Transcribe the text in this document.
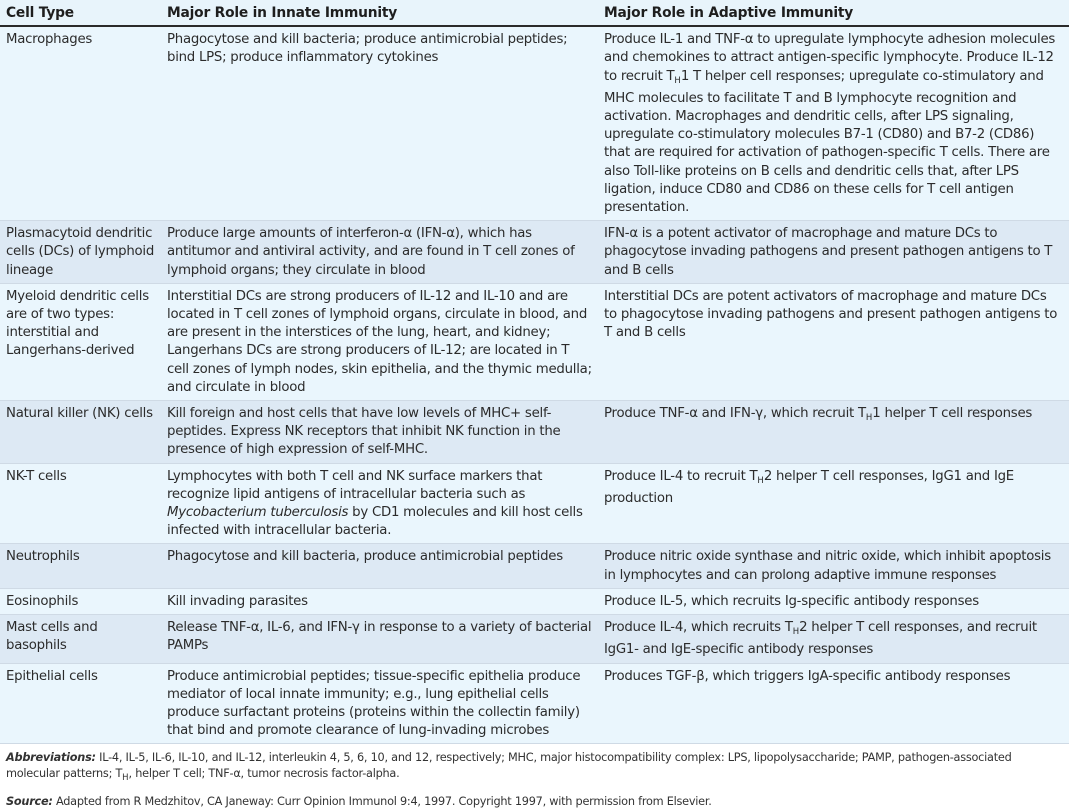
Cell Type	Major Role in Innate Immunity	Major Role in Adaptive Immunity
Macrophages	Phagocytose and kill bacteria; produce antimicrobial peptides; bind LPS; produce inflammatory cytokines	Produce IL-1 and TNF-α to upregulate lymphocyte adhesion molecules and chemokines to attract antigen-specific lymphocyte. Produce IL-12 to recruit $T_H1$ T helper cell responses; upregulate co-stimulatory and MHC molecules to facilitate T and B lymphocyte recognition and activation. Macrophages and dendritic cells, after LPS signaling, upregulate co-stimulatory molecules B7-1 (CD80) and B7-2 (CD86) that are required for activation of pathogen-specific T cells. There are also Toll-like proteins on B cells and dendritic cells that, after LPS ligation, induce CD80 and CD86 on these cells for T cell antigen presentation.
Plasmacytoid dendritic cells (DCs) of lymphoid lineage	Produce large amounts of interferon-α (IFN-α), which has antitumor and antiviral activity, and are found in T cell zones of lymphoid organs; they circulate in blood	IFN-α is a potent activator of macrophage and mature DCs to phagocytose invading pathogens and present pathogen antigens to T and B cells
Myeloid dendritic cells are of two types: interstitial and Langerhans-derived	Interstitial DCs are strong producers of IL-12 and IL-10 and are located in T cell zones of lymphoid organs, circulate in blood, and are present in the interstices of the lung, heart, and kidney; Langerhans DCs are strong producers of IL-12; are located in T cell zones of lymph nodes, skin epithelia, and the thymic medulla; and circulate in blood	Interstitial DCs are potent activators of macrophage and mature DCs to phagocytose invading pathogens and present pathogen antigens to T and B cells
Natural killer (NK) cells	Kill foreign and host cells that have low levels of MHC+ self-peptides. Express NK receptors that inhibit NK function in the presence of high expression of self-MHC.	Produce TNF-α and IFN-γ, which recruit $T_H1$ helper T cell responses
NK-T cells	Lymphocytes with both T cell and NK surface markers that recognize lipid antigens of intracellular bacteria such as Mycobacterium tuberculosis by CD1 molecules and kill host cells infected with intracellular bacteria.	Produce IL-4 to recruit $T_H2$ helper T cell responses, IgG1 and IgE production
Neutrophils	Phagocytose and kill bacteria, produce antimicrobial peptides	Produce nitric oxide synthase and nitric oxide, which inhibit apoptosis in lymphocytes and can prolong adaptive immune responses
Eosinophils	Kill invading parasites	Produce IL-5, which recruits Ig-specific antibody responses
Mast cells and basophils	Release TNF-α, IL-6, and IFN-γ in response to a variety of bacterial PAMPs	Produce IL-4, which recruits $T_H2$ helper T cell responses, and recruit IgG1- and IgE-specific antibody responses
Epithelial cells	Produce antimicrobial peptides; tissue-specific epithelia produce mediator of local innate immunity; e.g., lung epithelial cells produce surfactant proteins (proteins within the collectin family) that bind and promote clearance of lung-invading microbes	Produces TGF-β, which triggers IgA-specific antibody responses

Abbreviations: IL-4, IL-5, IL-6, IL-10, and IL-12, interleukin 4, 5, 6, 10, and 12, respectively; MHC, major histocompatibility complex: LPS, lipopolysaccharide; PAMP, pathogen-associated molecular patterns; $T_H$, helper T cell; TNF-α, tumor necrosis factor-alpha.

Source: Adapted from R Medzhitov, CA Janeway: Curr Opinion Immunol 9:4, 1997. Copyright 1997, with permission from Elsevier.
